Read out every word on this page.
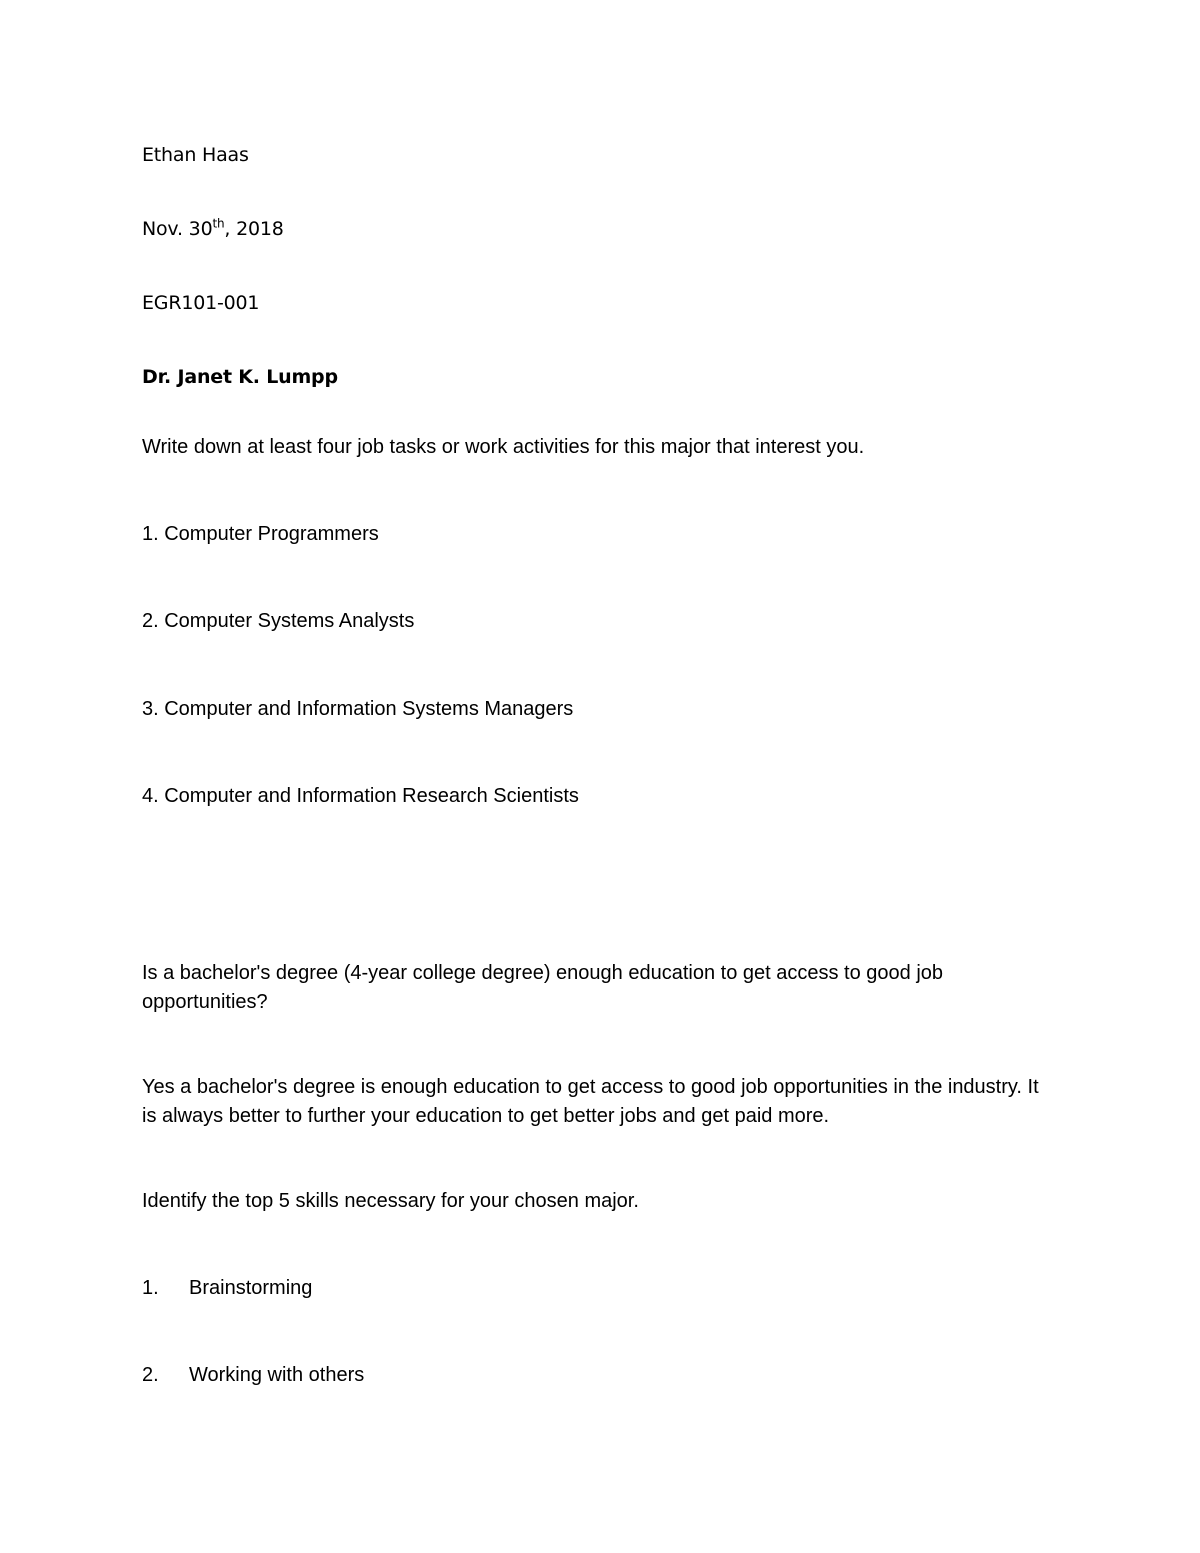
Ethan Haas

Nov. 30th, 2018

EGR101-001

Dr. Janet K. Lumpp

Write down at least four job tasks or work activities for this major that interest you.

1. Computer Programmers

2. Computer Systems Analysts

3. Computer and Information Systems Managers

4. Computer and Information Research Scientists

Is a bachelor's degree (4-year college degree) enough education to get access to good job opportunities?

Yes a bachelor's degree is enough education to get access to good job opportunities in the industry. It is always better to further your education to get better jobs and get paid more.

Identify the top 5 skills necessary for your chosen major.

1. Brainstorming

2. Working with others
